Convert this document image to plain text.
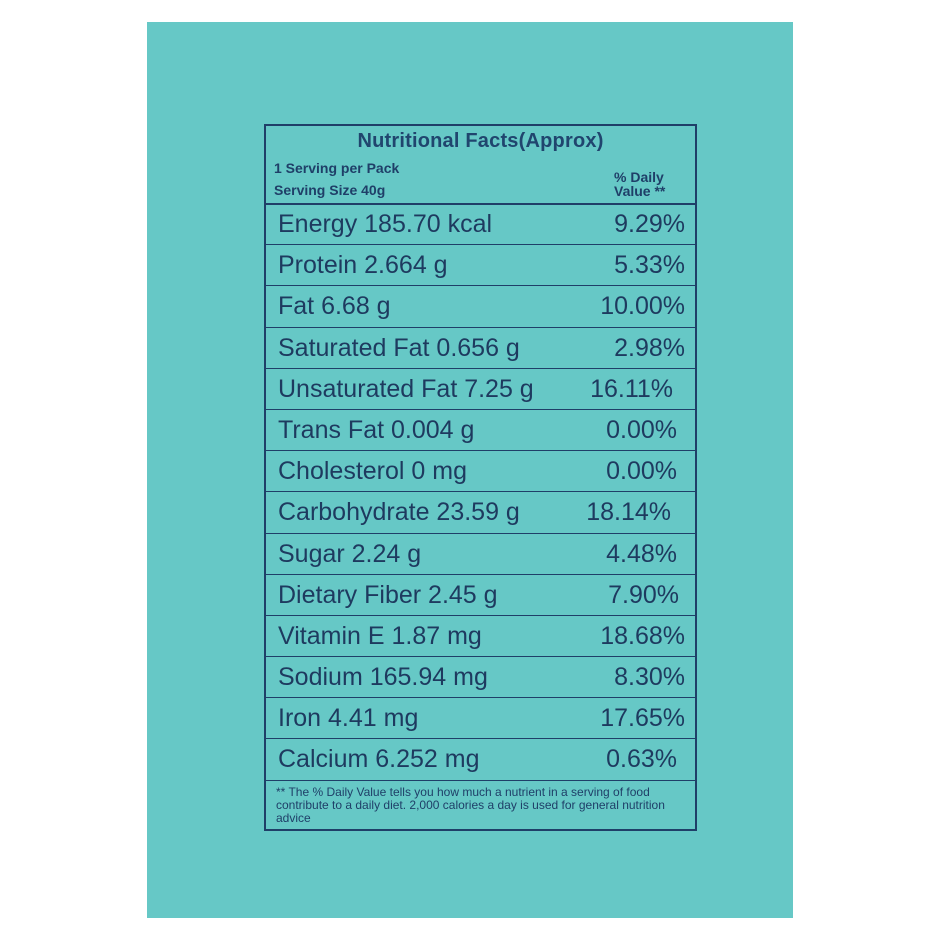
Nutritional Facts(Approx)
1 Serving per Pack
Serving Size 40g
% Daily
Value **
Energy 185.70 kcal	9.29%
Protein 2.664 g	5.33%
Fat 6.68 g	10.00%
Saturated Fat 0.656 g	2.98%
Unsaturated Fat 7.25 g 16.11%
Trans Fat 0.004 g	0.00%
Cholesterol 0 mg	0.00%
Carbohydrate 23.59 g	18.14%
Sugar 2.24 g	4.48%
Dietary Fiber 2.45 g	7.90%
Vitamin E 1.87 mg	18.68%
Sodium 165.94 mg	8.30%
Iron 4.41 mg	17.65%
Calcium 6.252 mg	0.63%
** The % Daily Value tells you how much a nutrient in a serving of food contribute to a daily diet. 2,000 calories a day is used for general nutrition advice
